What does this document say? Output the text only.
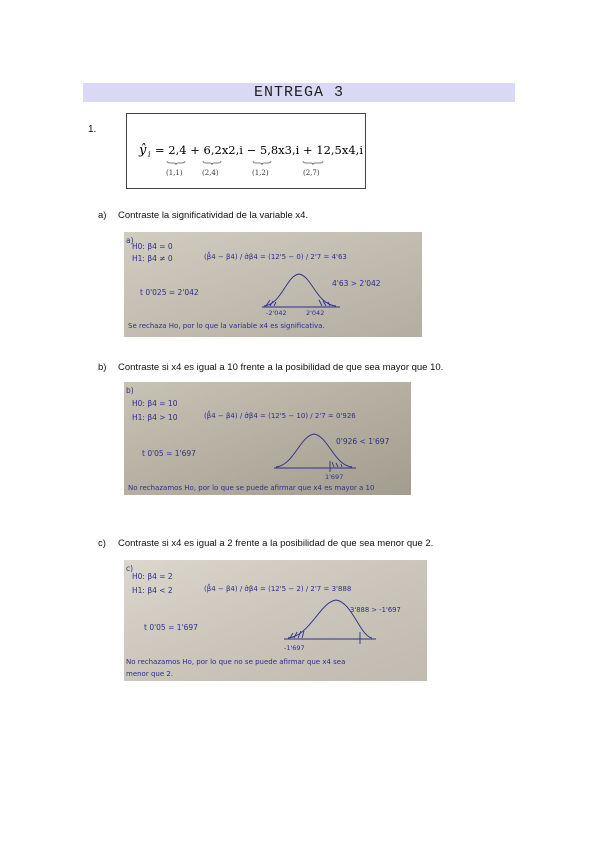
ENTREGA 3
1.
ŷ i = 2,4 + 6,2x2,i − 5,8x3,i + 12,5x4,i
(1,1)	(2,4)	(1,2)	(2,7)
a) Contraste la significatividad de la variable x4.
a)
H0: β4 = 0
H1: β4 ≠ 0	(β̂4 − β4) / σ̂β4 = (12'5 − 0) / 2'7 = 4'63
t 0'025 = 2'042
4'63 > 2'042
-2'042	2'042
Se rechaza Ho, por lo que la variable x4 es significativa.
b) Contraste si x4 es igual a 10 frente a la posibilidad de que sea mayor que 10.
b)
H0: β4 = 10
H1: β4 > 10	(β̂4 − β4) / σ̂β4 = (12'5 − 10) / 2'7 = 0'926
t 0'05 = 1'697
0'926 < 1'697
1'697
No rechazamos Ho, por lo que se puede afirmar que x4 es mayor a 10
c) Contraste si x4 es igual a 2 frente a la posibilidad de que sea menor que 2.
c)
H0: β4 = 2
H1: β4 < 2	(β̂4 − β4) / σ̂β4 = (12'5 − 2) / 2'7 = 3'888
t 0'05 = 1'697
3'888 > -1'697
-1'697
No rechazamos Ho, por lo que no se puede afirmar que x4 sea
menor que 2.
